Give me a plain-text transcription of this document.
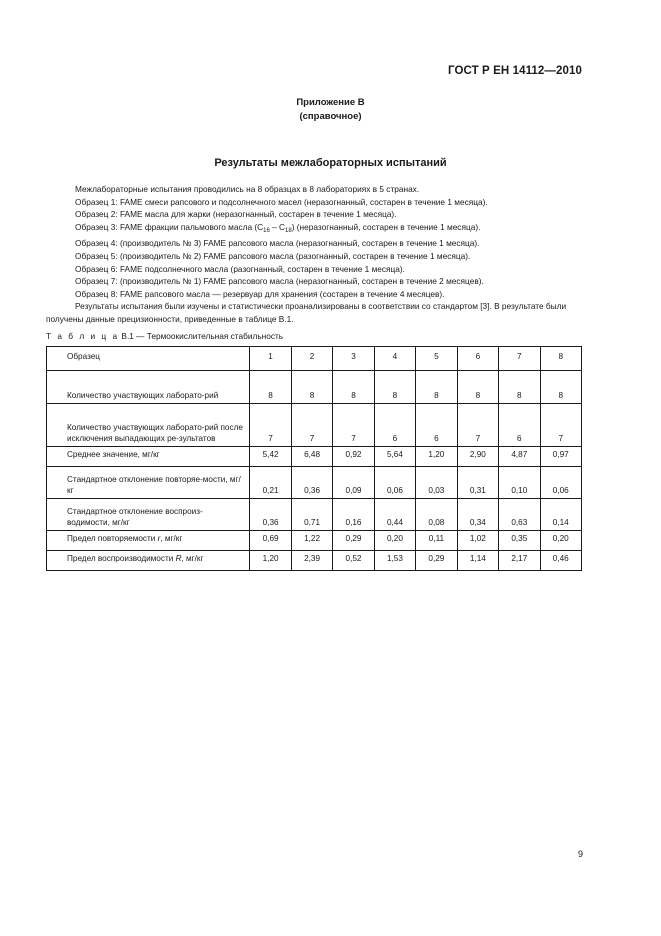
ГОСТ Р ЕН 14112—2010
Приложение В
(справочное)
Результаты межлабораторных испытаний

Межлабораторные испытания проводились на 8 образцах в 8 лабораториях в 5 странах.

Образец 1: FAME смеси рапсового и подсолнечного масел (неразогнанный, состарен в течение 1 месяца).

Образец 2: FAME масла для жарки (неразогнанный, состарен в течение 1 месяца).

Образец 3: FAME фракции пальмового масла $(С_{16} - С_{18})$ (неразогнанный, состарен в течение 1 месяца).

Образец 4: (производитель № 3) FAME рапсового масла (неразогнанный, состарен в течение 1 месяца).

Образец 5: (производитель № 2) FAME рапсового масла (разогнанный, состарен в течение 1 месяца).

Образец 6: FAME подсолнечного масла (разогнанный, состарен в течение 1 месяца).

Образец 7: (производитель № 1) FAME рапсового масла (неразогнанный, состарен в течение 2 месяцев).

Образец 8: FAME рапсового масла — резервуар для хранения (состарен в течение 4 месяцев).

Результаты испытания были изучены и статистически проанализированы в соответствии со стандартом [3]. В результате были получены данные прецизионности, приведенные в таблице В.1.

Т а б л и ц а В.1 — Термоокислительная стабильность
Образец	1	2	3	4	5	6	7	8
Количество участвующих лаборато-рий	8	8	8	8	8	8	8	8
Количество участвующих лаборато-рий после исключения выпадающих ре-зультатов	7	7	7	6	6	7	6	7
Среднее значение, мг/кг	5,42	6,48	0,92	5,64	1,20	2,90	4,87	0,97
Стандартное отклонение повторяе-мости, мг/кг	0,21	0,36	0,09	0,06	0,03	0,31	0,10	0,06
Стандартное отклонение воспроиз-водимости, мг/кг	0,36	0,71	0,16	0,44	0,08	0,34	0,63	0,14
Предел повторяемости r, мг/кг	0,69	1,22	0,29	0,20	0,11	1,02	0,35	0,20
Предел воспроизводимости R, мг/кг	1,20	2,39	0,52	1,53	0,29	1,14	2,17	0,46
9
